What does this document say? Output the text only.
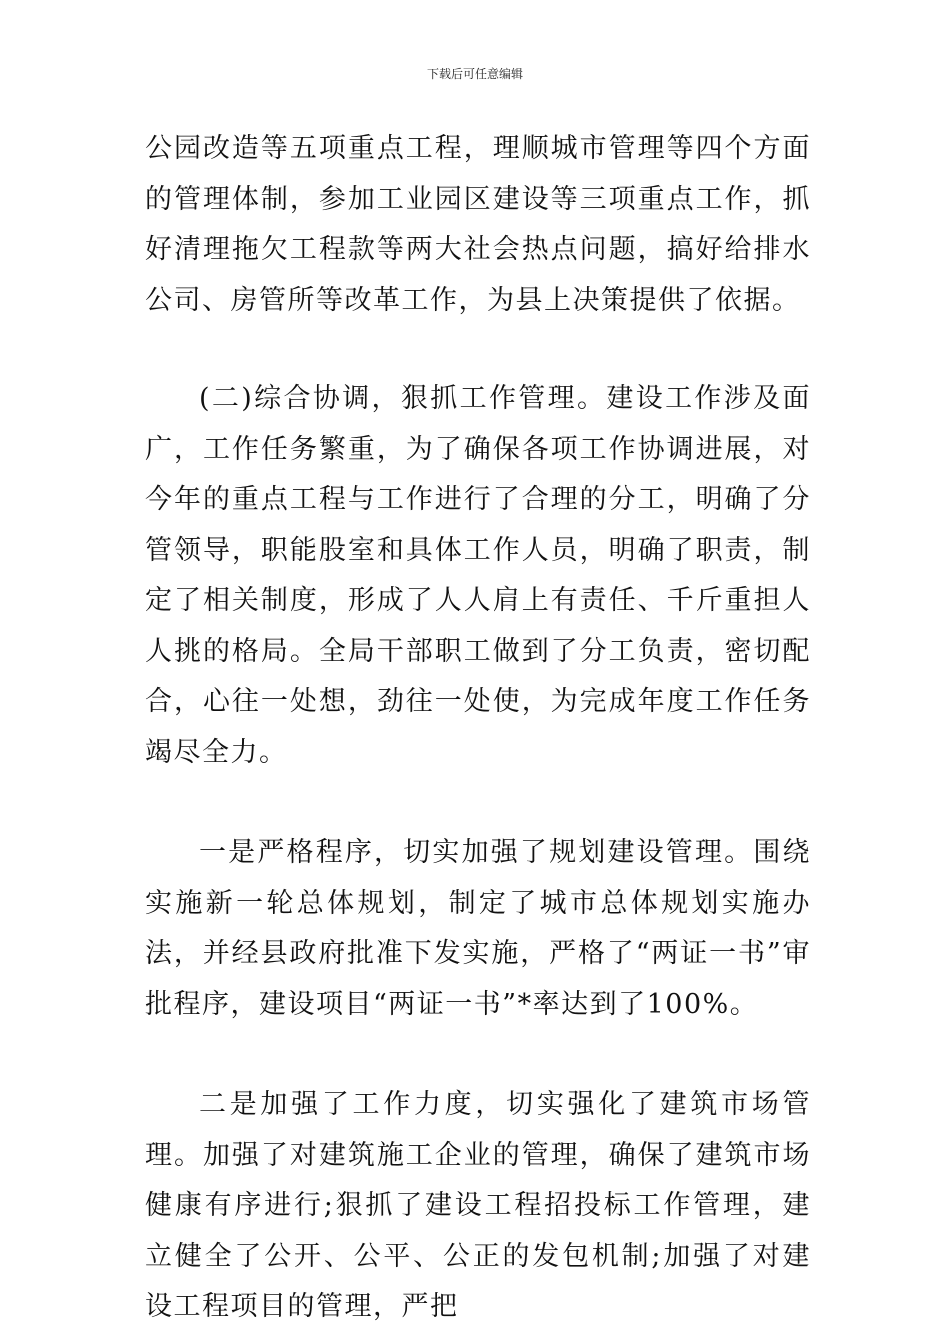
下载后可任意编辑

公园改造等五项重点工程，理顺城市管理等四个方面的管理体制，参加工业园区建设等三项重点工作，抓好清理拖欠工程款等两大社会热点问题，搞好给排水公司、房管所等改革工作，为县上决策提供了依据。

(二)综合协调，狠抓工作管理。建设工作涉及面广，工作任务繁重，为了确保各项工作协调进展，对今年的重点工程与工作进行了合理的分工，明确了分管领导，职能股室和具体工作人员，明确了职责，制定了相关制度，形成了人人肩上有责任、千斤重担人人挑的格局。全局干部职工做到了分工负责，密切配合，心往一处想，劲往一处使，为完成年度工作任务竭尽全力。

一是严格程序，切实加强了规划建设管理。围绕实施新一轮总体规划，制定了城市总体规划实施办法，并经县政府批准下发实施，严格了“两证一书”审批程序，建设项目“两证一书”*率达到了100%。

二是加强了工作力度，切实强化了建筑市场管理。加强了对建筑施工企业的管理，确保了建筑市场健康有序进行;狠抓了建设工程招投标工作管理，建立健全了公开、公平、公正的发包机制;加强了对建设工程项目的管理，严把
